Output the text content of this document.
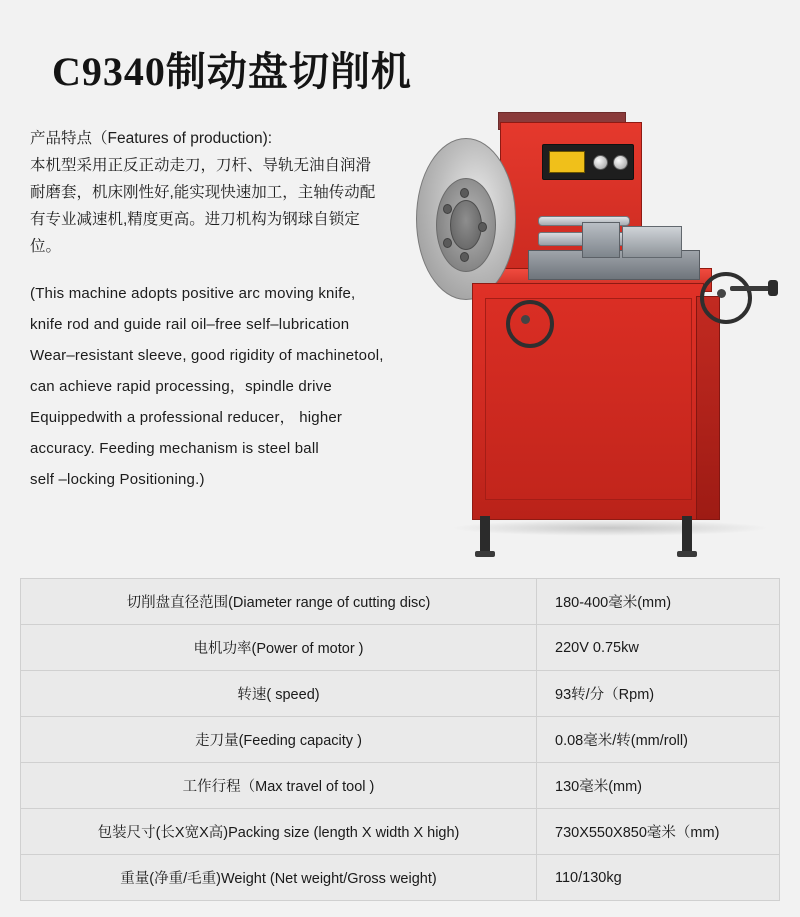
C9340制动盘切削机

产品特点（Features of production):

本机型采用正反正动走刀，刀杆、导轨无油自润滑

耐磨套，机床刚性好,能实现快速加工，主轴传动配

有专业减速机,精度更高。进刀机构为钢球自锁定

位。

(This machine adopts positive arc moving knife,

knife rod and guide rail oil–free self–lubrication

Wear–resistant sleeve, good rigidity of machinetool,

can achieve rapid processing，spindle drive

Equippedwith a professional reducer， higher

accuracy. Feeding mechanism is steel ball

self –locking Positioning.)

切削盘直径范围(Diameter range of cutting disc)	180-400毫米(mm)
电机功率(Power of motor )	220V 0.75kw
转速( speed)	93转/分（Rpm)
走刀量(Feeding capacity )	0.08毫米/转(mm/roll)
工作行程（Max travel of tool )	130毫米(mm)
包装尺寸(长X宽X高)Packing size (length X width X high)	730X550X850毫米（mm)
重量(净重/毛重)Weight (Net weight/Gross weight)	110/130kg
